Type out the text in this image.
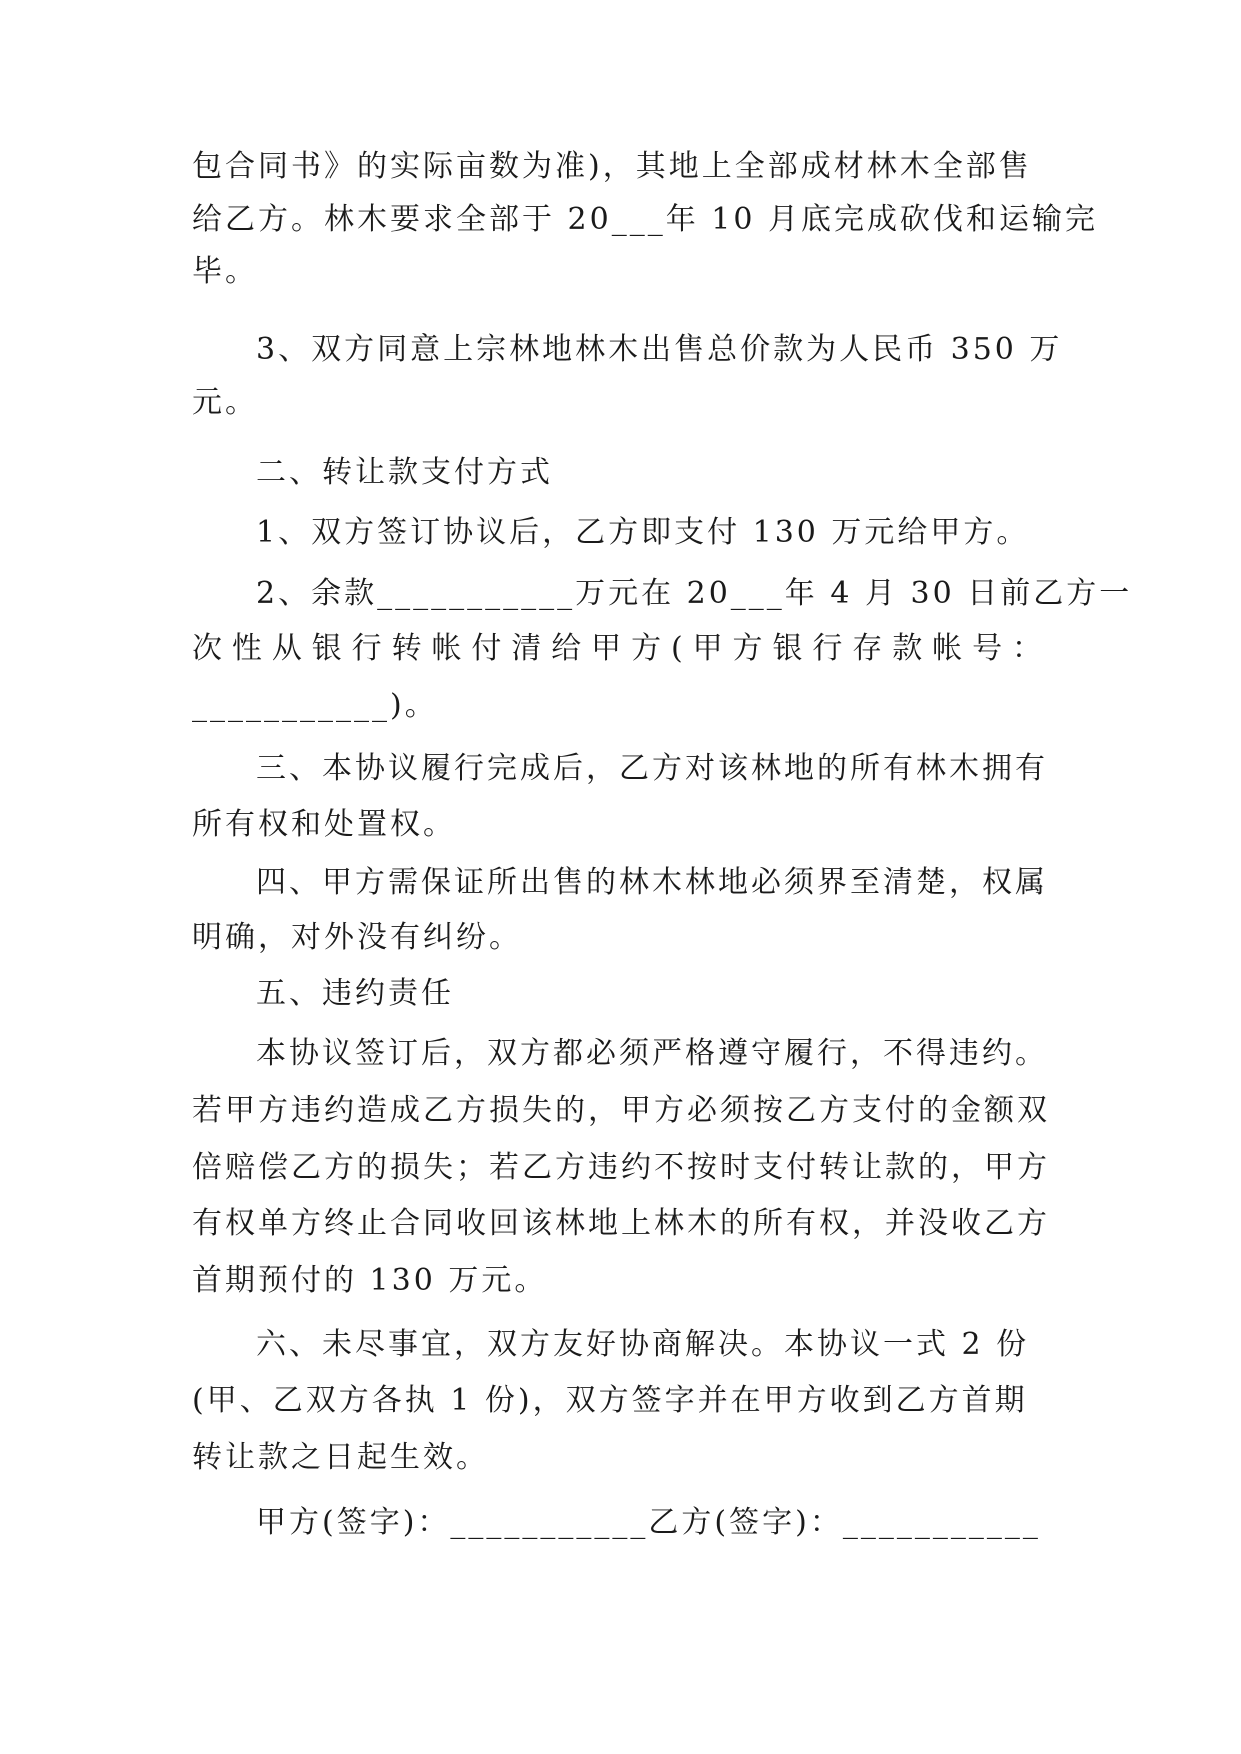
包合同书》的实际亩数为准)，其地上全部成材林木全部售
给乙方。林木要求全部于 20___年 10 月底完成砍伐和运输完
毕。
3、双方同意上宗林地林木出售总价款为人民币 350 万
元。
二、转让款支付方式
1、双方签订协议后，乙方即支付 130 万元给甲方。
2、余款___________万元在 20___年 4 月 30 日前乙方一
次性从银行转帐付清给甲方(甲方银行存款帐号：
___________)。
三、本协议履行完成后，乙方对该林地的所有林木拥有
所有权和处置权。
四、甲方需保证所出售的林木林地必须界至清楚，权属
明确，对外没有纠纷。
五、违约责任
本协议签订后，双方都必须严格遵守履行，不得违约。
若甲方违约造成乙方损失的，甲方必须按乙方支付的金额双
倍赔偿乙方的损失；若乙方违约不按时支付转让款的，甲方
有权单方终止合同收回该林地上林木的所有权，并没收乙方
首期预付的 130 万元。
六、未尽事宜，双方友好协商解决。本协议一式 2 份
(甲、乙双方各执 1 份)，双方签字并在甲方收到乙方首期
转让款之日起生效。
甲方(签字)：___________乙方(签字)：___________
